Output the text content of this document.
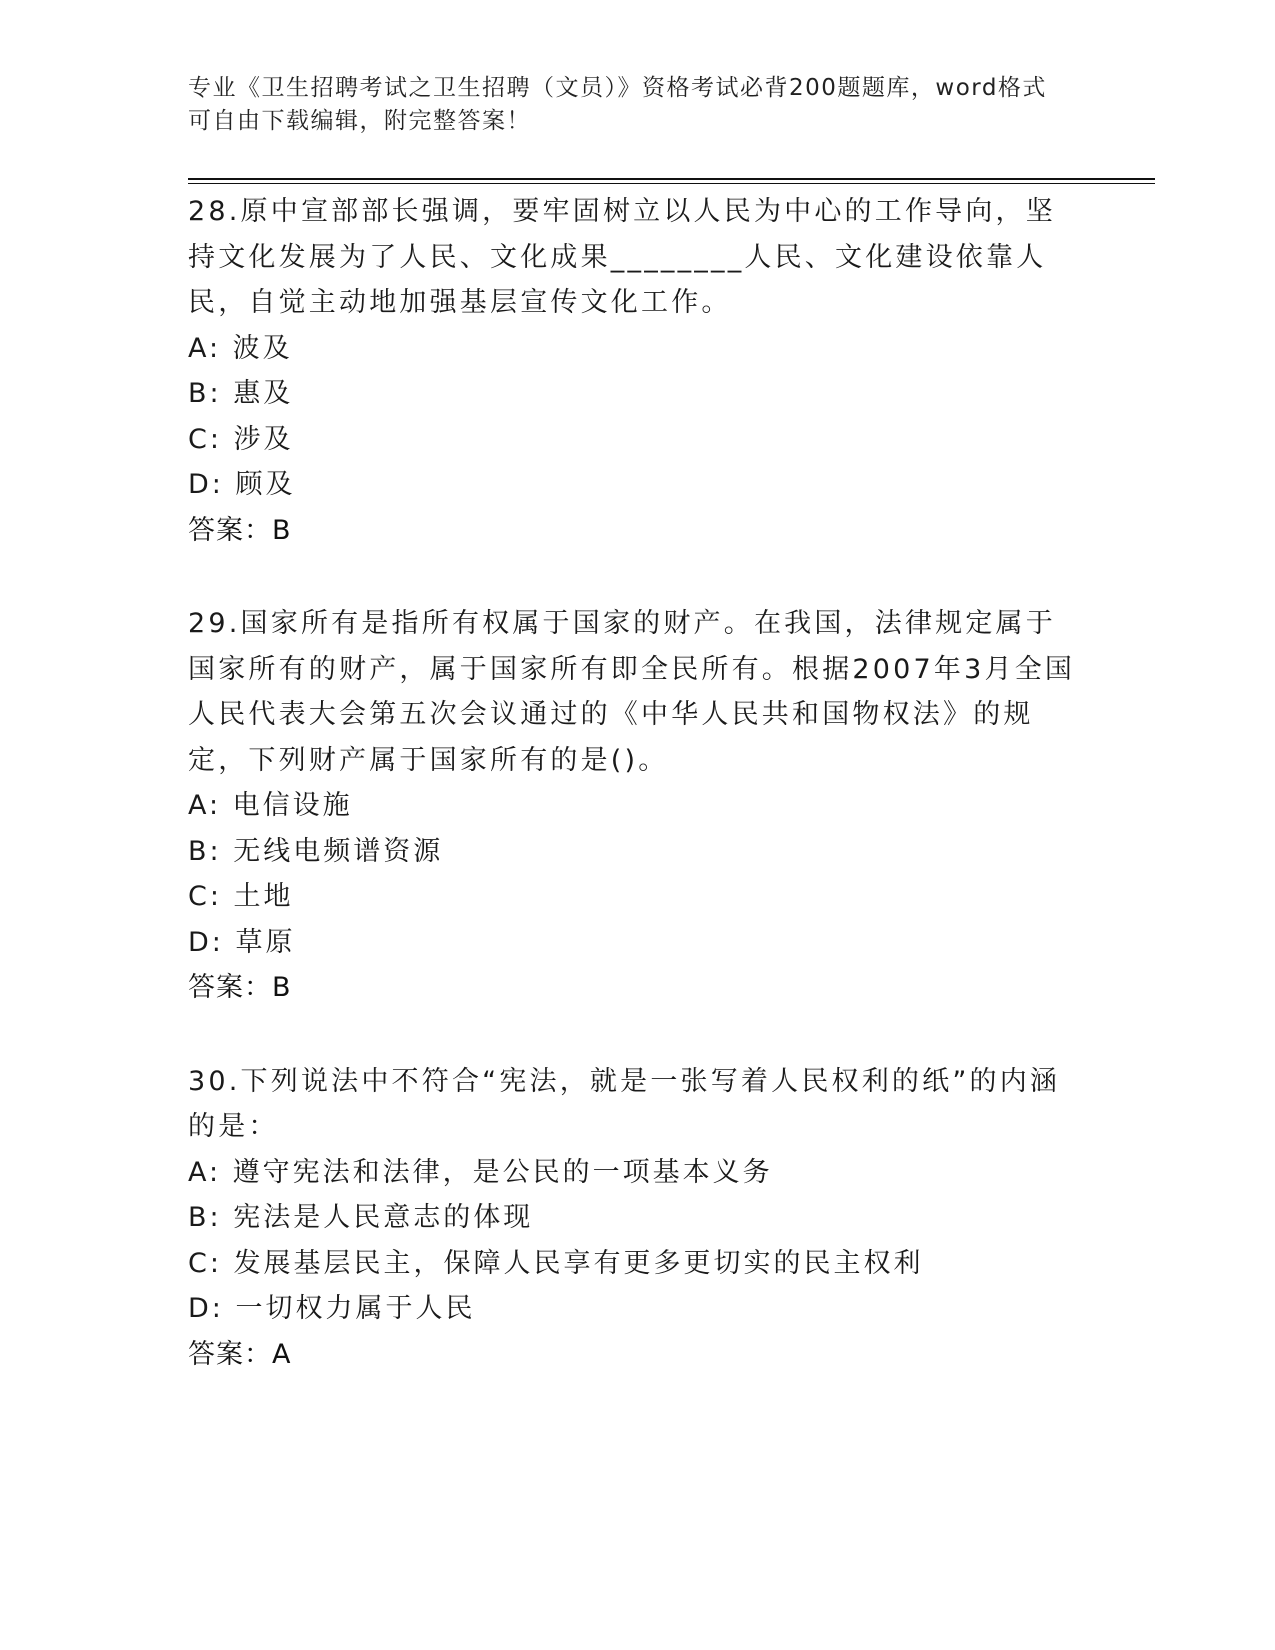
专业《卫生招聘考试之卫生招聘（文员）》资格考试必背200题题库，word格式
可自由下载编辑，附完整答案！
28.原中宣部部长强调，要牢固树立以人民为中心的工作导向，坚持文化发展为了人民、文化成果________人民、文化建设依靠人民，自觉主动地加强基层宣传文化工作。
A: 波及
B: 惠及
C: 涉及
D: 顾及
答案：B
29.国家所有是指所有权属于国家的财产。在我国，法律规定属于国家所有的财产，属于国家所有即全民所有。根据2007年3月全国人民代表大会第五次会议通过的《中华人民共和国物权法》的规定，下列财产属于国家所有的是()。
A: 电信设施
B: 无线电频谱资源
C: 土地
D: 草原
答案：B
30.下列说法中不符合“宪法，就是一张写着人民权利的纸”的内涵的是：
A: 遵守宪法和法律，是公民的一项基本义务
B: 宪法是人民意志的体现
C: 发展基层民主，保障人民享有更多更切实的民主权利
D: 一切权力属于人民
答案：A
